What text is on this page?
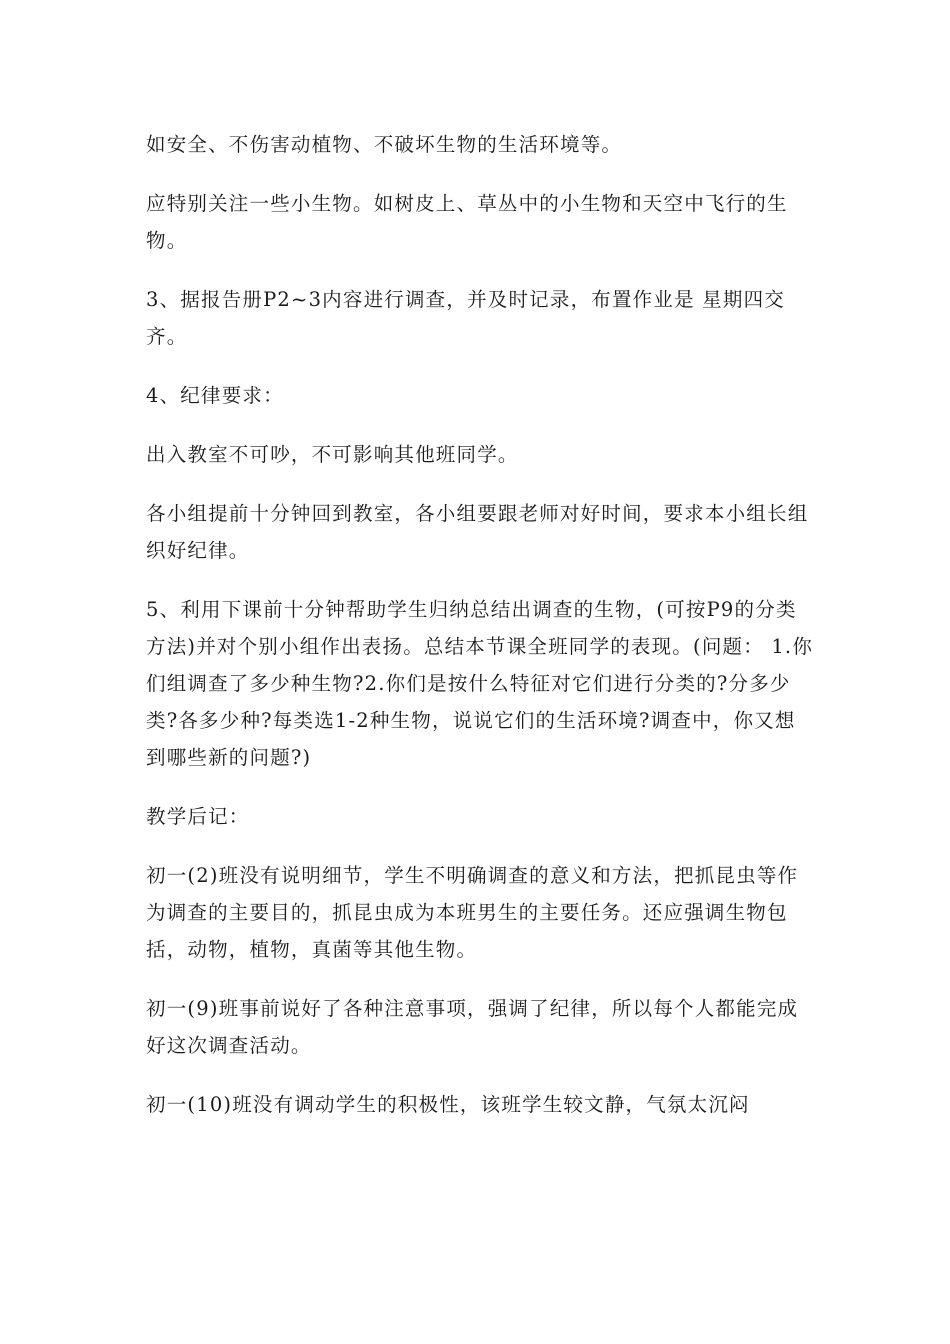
如安全、不伤害动植物、不破坏生物的生活环境等。

应特别关注一些小生物。如树皮上、草丛中的小生物和天空中飞行的生物。

3、据报告册P2~3内容进行调查，并及时记录，布置作业是 星期四交齐。

4、纪律要求：

出入教室不可吵，不可影响其他班同学。

各小组提前十分钟回到教室，各小组要跟老师对好时间，要求本小组长组织好纪律。

5、利用下课前十分钟帮助学生归纳总结出调查的生物，(可按P9的分类方法)并对个别小组作出表扬。总结本节课全班同学的表现。(问题： 1.你们组调查了多少种生物?2.你们是按什么特征对它们进行分类的?分多少类?各多少种?每类选1-2种生物，说说它们的生活环境?调查中，你又想到哪些新的问题?)

教学后记：

初一(2)班没有说明细节，学生不明确调查的意义和方法，把抓昆虫等作为调查的主要目的，抓昆虫成为本班男生的主要任务。还应强调生物包括，动物，植物，真菌等其他生物。

初一(9)班事前说好了各种注意事项，强调了纪律，所以每个人都能完成好这次调查活动。

初一(10)班没有调动学生的积极性，该班学生较文静，气氛太沉闷
